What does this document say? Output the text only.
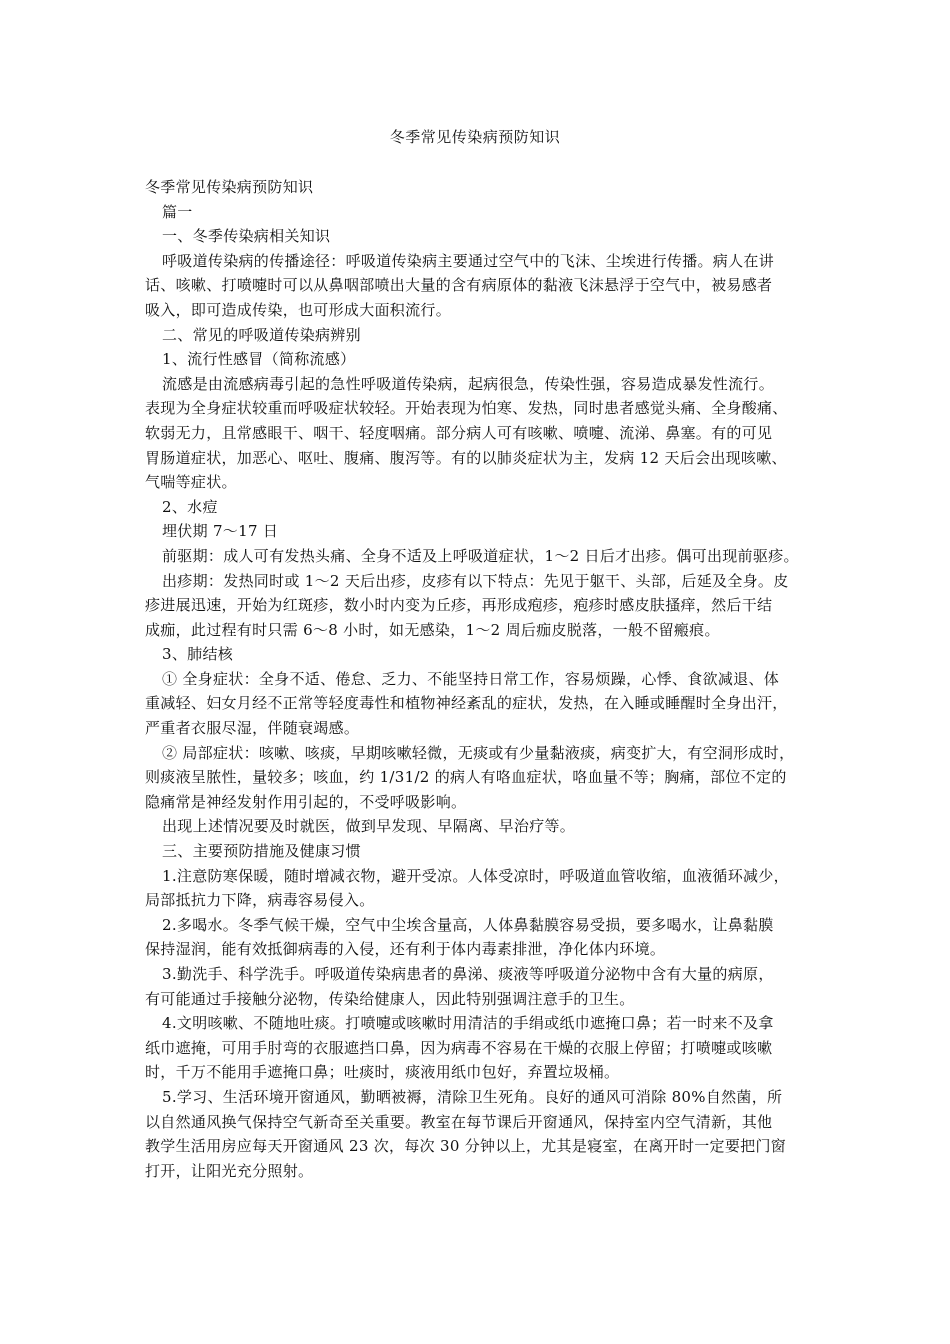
冬季常见传染病预防知识
冬季常见传染病预防知识
篇一
一、冬季传染病相关知识
呼吸道传染病的传播途径：呼吸道传染病主要通过空气中的飞沫、尘埃进行传播。病人在讲
话、咳嗽、打喷嚏时可以从鼻咽部喷出大量的含有病原体的黏液飞沫悬浮于空气中，被易感者
吸入，即可造成传染，也可形成大面积流行。
二、常见的呼吸道传染病辨别
1、流行性感冒（简称流感）
流感是由流感病毒引起的急性呼吸道传染病，起病很急，传染性强，容易造成暴发性流行。
表现为全身症状较重而呼吸症状较轻。开始表现为怕寒、发热，同时患者感觉头痛、全身酸痛、
软弱无力，且常感眼干、咽干、轻度咽痛。部分病人可有咳嗽、喷嚏、流涕、鼻塞。有的可见
胃肠道症状，加恶心、呕吐、腹痛、腹泻等。有的以肺炎症状为主，发病 12 天后会出现咳嗽、
气喘等症状。
2、水痘
埋伏期 7～17 日
前驱期：成人可有发热头痛、全身不适及上呼吸道症状，1～2 日后才出疹。偶可出现前驱疹。
出疹期：发热同时或 1～2 天后出疹，皮疹有以下特点：先见于躯干、头部，后延及全身。皮
疹进展迅速，开始为红斑疹，数小时内变为丘疹，再形成疱疹，疱疹时感皮肤搔痒，然后干结
成痂，此过程有时只需 6～8 小时，如无感染，1～2 周后痂皮脱落，一般不留瘢痕。
3、肺结核
① 全身症状：全身不适、倦怠、乏力、不能坚持日常工作，容易烦躁，心悸、食欲减退、体
重减轻、妇女月经不正常等轻度毒性和植物神经紊乱的症状，发热，在入睡或睡醒时全身出汗，
严重者衣服尽湿，伴随衰竭感。
② 局部症状：咳嗽、咳痰，早期咳嗽轻微，无痰或有少量黏液痰，病变扩大，有空洞形成时，
则痰液呈脓性，量较多；咳血，约 1/31/2 的病人有咯血症状，咯血量不等；胸痛，部位不定的
隐痛常是神经发射作用引起的，不受呼吸影响。
出现上述情况要及时就医，做到早发现、早隔离、早治疗等。
三、主要预防措施及健康习惯
1.注意防寒保暖，随时增减衣物，避开受凉。人体受凉时，呼吸道血管收缩，血液循环减少，
局部抵抗力下降，病毒容易侵入。
2.多喝水。冬季气候干燥，空气中尘埃含量高，人体鼻黏膜容易受损，要多喝水，让鼻黏膜
保持湿润，能有效抵御病毒的入侵，还有利于体内毒素排泄，净化体内环境。
3.勤洗手、科学洗手。呼吸道传染病患者的鼻涕、痰液等呼吸道分泌物中含有大量的病原，
有可能通过手接触分泌物，传染给健康人，因此特别强调注意手的卫生。
4.文明咳嗽、不随地吐痰。打喷嚏或咳嗽时用清洁的手绢或纸巾遮掩口鼻；若一时来不及拿
纸巾遮掩，可用手肘弯的衣服遮挡口鼻，因为病毒不容易在干燥的衣服上停留；打喷嚏或咳嗽
时，千万不能用手遮掩口鼻；吐痰时，痰液用纸巾包好，弃置垃圾桶。
5.学习、生活环境开窗通风，勤晒被褥，清除卫生死角。良好的通风可消除 80%自然菌，所
以自然通风换气保持空气新奇至关重要。教室在每节课后开窗通风，保持室内空气清新，其他
教学生活用房应每天开窗通风 23 次，每次 30 分钟以上，尤其是寝室，在离开时一定要把门窗
打开，让阳光充分照射。
